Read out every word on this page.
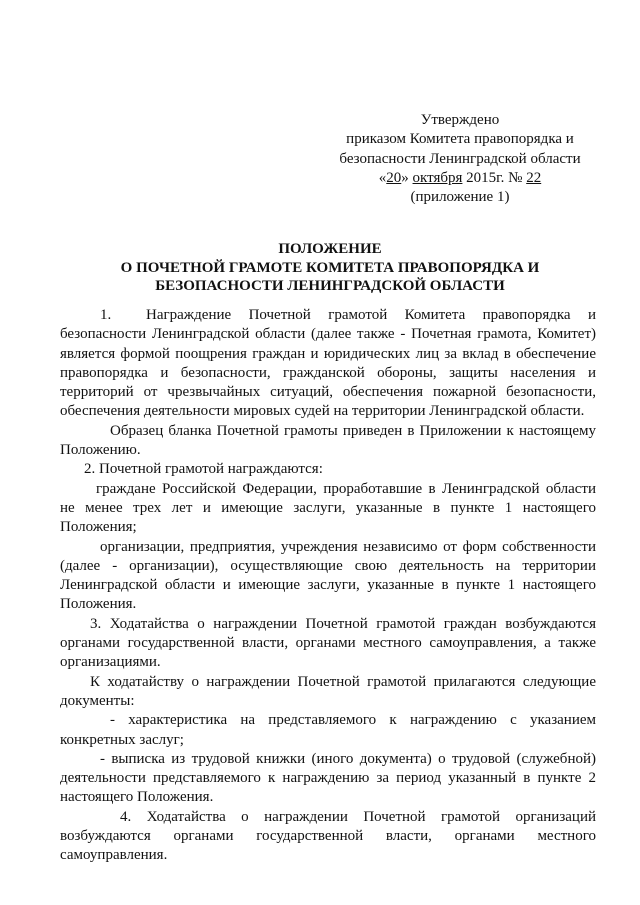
Утверждено
приказом Комитета правопорядка и
безопасности Ленинградской области
«20» октября 2015г. № 22
(приложение 1)
ПОЛОЖЕНИЕ
О ПОЧЕТНОЙ ГРАМОТЕ КОМИТЕТА ПРАВОПОРЯДКА И
БЕЗОПАСНОСТИ ЛЕНИНГРАДСКОЙ ОБЛАСТИ

1. Награждение Почетной грамотой Комитета правопорядка и безопасности Ленинградской области (далее также - Почетная грамота, Комитет) является формой поощрения граждан и юридических лиц за вклад в обеспечение правопорядка и безопасности, гражданской обороны, защиты населения и территорий от чрезвычайных ситуаций, обеспечения пожарной безопасности, обеспечения деятельности мировых судей на территории Ленинградской области.

Образец бланка Почетной грамоты приведен в Приложении к настоящему Положению.

2. Почетной грамотой награждаются:

граждане Российской Федерации, проработавшие в Ленинградской области не менее трех лет и имеющие заслуги, указанные в пункте 1 настоящего Положения;

организации, предприятия, учреждения независимо от форм собственности (далее - организации), осуществляющие свою деятельность на территории Ленинградской области и имеющие заслуги, указанные в пункте 1 настоящего Положения.

3. Ходатайства о награждении Почетной грамотой граждан возбуждаются органами государственной власти, органами местного самоуправления, а также организациями.

К ходатайству о награждении Почетной грамотой прилагаются следующие документы:

- характеристика на представляемого к награждению с указанием конкретных заслуг;

- выписка из трудовой книжки (иного документа) о трудовой (служебной) деятельности представляемого к награждению за период указанный в пункте 2 настоящего Положения.

4. Ходатайства о награждении Почетной грамотой организаций возбуждаются органами государственной власти, органами местного самоуправления.
